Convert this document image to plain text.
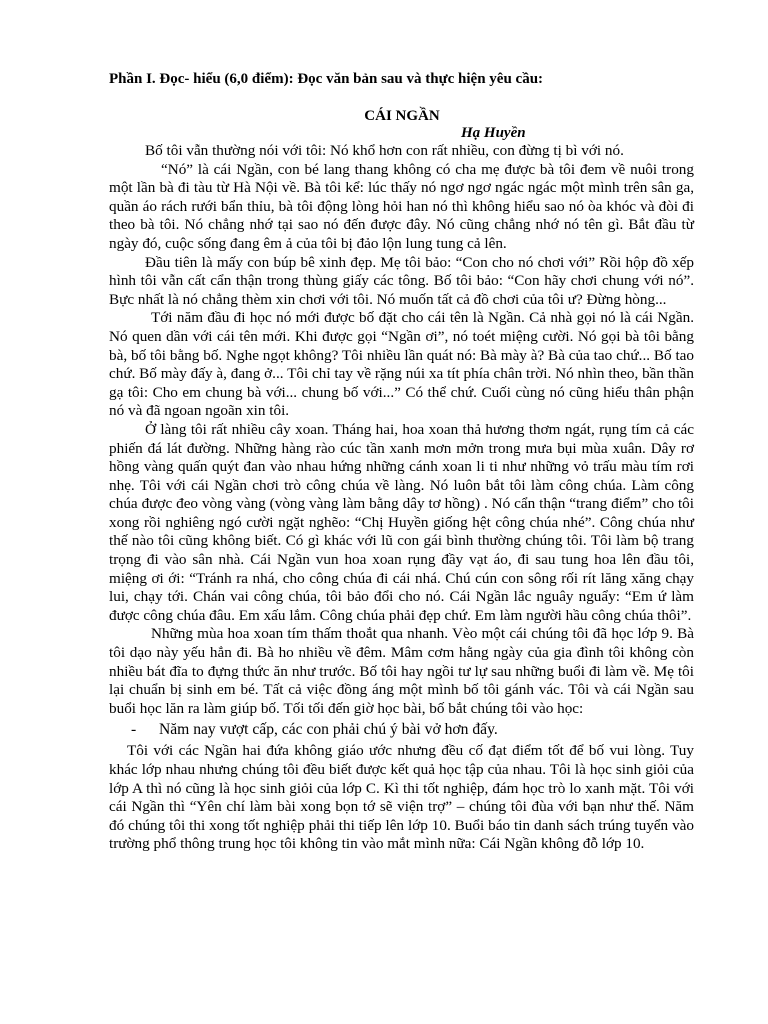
Phần I. Đọc- hiểu (6,0 điểm): Đọc văn bản sau và thực hiện yêu cầu:
CÁI NGẦN
Hạ Huyền

Bố tôi vẫn thường nói với tôi: Nó khổ hơn con rất nhiều, con đừng tị bì với nó.

“Nó” là cái Ngần, con bé lang thang không có cha mẹ được bà tôi đem về nuôi trong một lần bà đi tàu từ Hà Nội về. Bà tôi kể: lúc thấy nó ngơ ngơ ngác ngác một mình trên sân ga, quần áo rách rưới bẩn thỉu, bà tôi động lòng hỏi han nó thì không hiểu sao nó òa khóc và đòi đi theo bà tôi. Nó chẳng nhớ tại sao nó đến được đây. Nó cũng chẳng nhớ nó tên gì. Bắt đầu từ ngày đó, cuộc sống đang êm ả của tôi bị đảo lộn lung tung cả lên.

Đầu tiên là mấy con búp bê xinh đẹp. Mẹ tôi bảo: “Con cho nó chơi với” Rồi hộp đồ xếp hình tôi vẫn cất cẩn thận trong thùng giấy các tông. Bố tôi bảo: “Con hãy chơi chung với nó”. Bực nhất là nó chẳng thèm xin chơi với tôi. Nó muốn tất cả đồ chơi của tôi ư? Đừng hòng...

Tới năm đầu đi học nó mới được bố đặt cho cái tên là Ngần. Cả nhà gọi nó là cái Ngần. Nó quen dần với cái tên mới. Khi được gọi “Ngần ơi”, nó toét miệng cười. Nó gọi bà tôi bằng bà, bố tôi bằng bố. Nghe ngọt không? Tôi nhiều lần quát nó: Bà mày à? Bà của tao chứ... Bố tao chứ. Bố mày đấy à, đang ở... Tôi chỉ tay về rặng núi xa tít phía chân trời. Nó nhìn theo, bần thần gạ tôi: Cho em chung bà với... chung bố với...” Có thể chứ. Cuối cùng nó cũng hiểu thân phận nó và đã ngoan ngoãn xin tôi.

Ở làng tôi rất nhiều cây xoan. Tháng hai, hoa xoan thả hương thơm ngát, rụng tím cả các phiến đá lát đường. Những hàng rào cúc tần xanh mơn mởn trong mưa bụi mùa xuân. Dây rơ hồng vàng quấn quýt đan vào nhau hứng những cánh xoan li ti như những vỏ trấu màu tím rơi nhẹ. Tôi với cái Ngần chơi trò công chúa về làng. Nó luôn bắt tôi làm công chúa. Làm công chúa được đeo vòng vàng (vòng vàng làm bằng dây tơ hồng) . Nó cẩn thận “trang điểm” cho tôi xong rồi nghiêng ngó cười ngặt nghẽo: “Chị Huyền giống hệt công chúa nhé”. Công chúa như thế nào tôi cũng không biết. Có gì khác với lũ con gái bình thường chúng tôi. Tôi làm bộ trang trọng đi vào sân nhà. Cái Ngần vun hoa xoan rụng đầy vạt áo, đi sau tung hoa lên đầu tôi, miệng ơi ới: “Tránh ra nhá, cho công chúa đi cái nhá. Chú cún con sông rối rít lăng xăng chạy lui, chạy tới. Chán vai công chúa, tôi bảo đổi cho nó. Cái Ngần lắc nguây nguẩy: “Em ứ làm được công chúa đâu. Em xấu lắm. Công chúa phải đẹp chứ. Em làm người hầu công chúa thôi”.

Những mùa hoa xoan tím thấm thoắt qua nhanh. Vèo một cái chúng tôi đã học lớp 9. Bà tôi dạo này yếu hẳn đi. Bà ho nhiều về đêm. Mâm cơm hằng ngày của gia đình tôi không còn nhiều bát đĩa to đựng thức ăn như trước. Bố tôi hay ngồi tư lự sau những buổi đi làm về. Mẹ tôi lại chuẩn bị sinh em bé. Tất cả việc đồng áng một mình bố tôi gánh vác. Tôi và cái Ngần sau buổi học lăn ra làm giúp bố. Tối tối đến giờ học bài, bố bắt chúng tôi vào học:

-	Năm nay vượt cấp, các con phải chú ý bài vở hơn đấy.

Tôi với các Ngần hai đứa không giáo ước nhưng đều cố đạt điểm tốt để bố vui lòng. Tuy khác lớp nhau nhưng chúng tôi đều biết được kết quả học tập của nhau. Tôi là học sinh giỏi của lớp A thì nó cũng là học sinh giỏi của lớp C. Kì thi tốt nghiệp, đám học trò lo xanh mặt. Tôi với cái Ngần thì “Yên chí làm bài xong bọn tớ sẽ viện trợ” – chúng tôi đùa với bạn như thế. Năm đó chúng tôi thi xong tốt nghiệp phải thi tiếp lên lớp 10. Buổi báo tin danh sách trúng tuyển vào trường phổ thông trung học tôi không tin vào mắt mình nữa: Cái Ngần không đỗ lớp 10.
